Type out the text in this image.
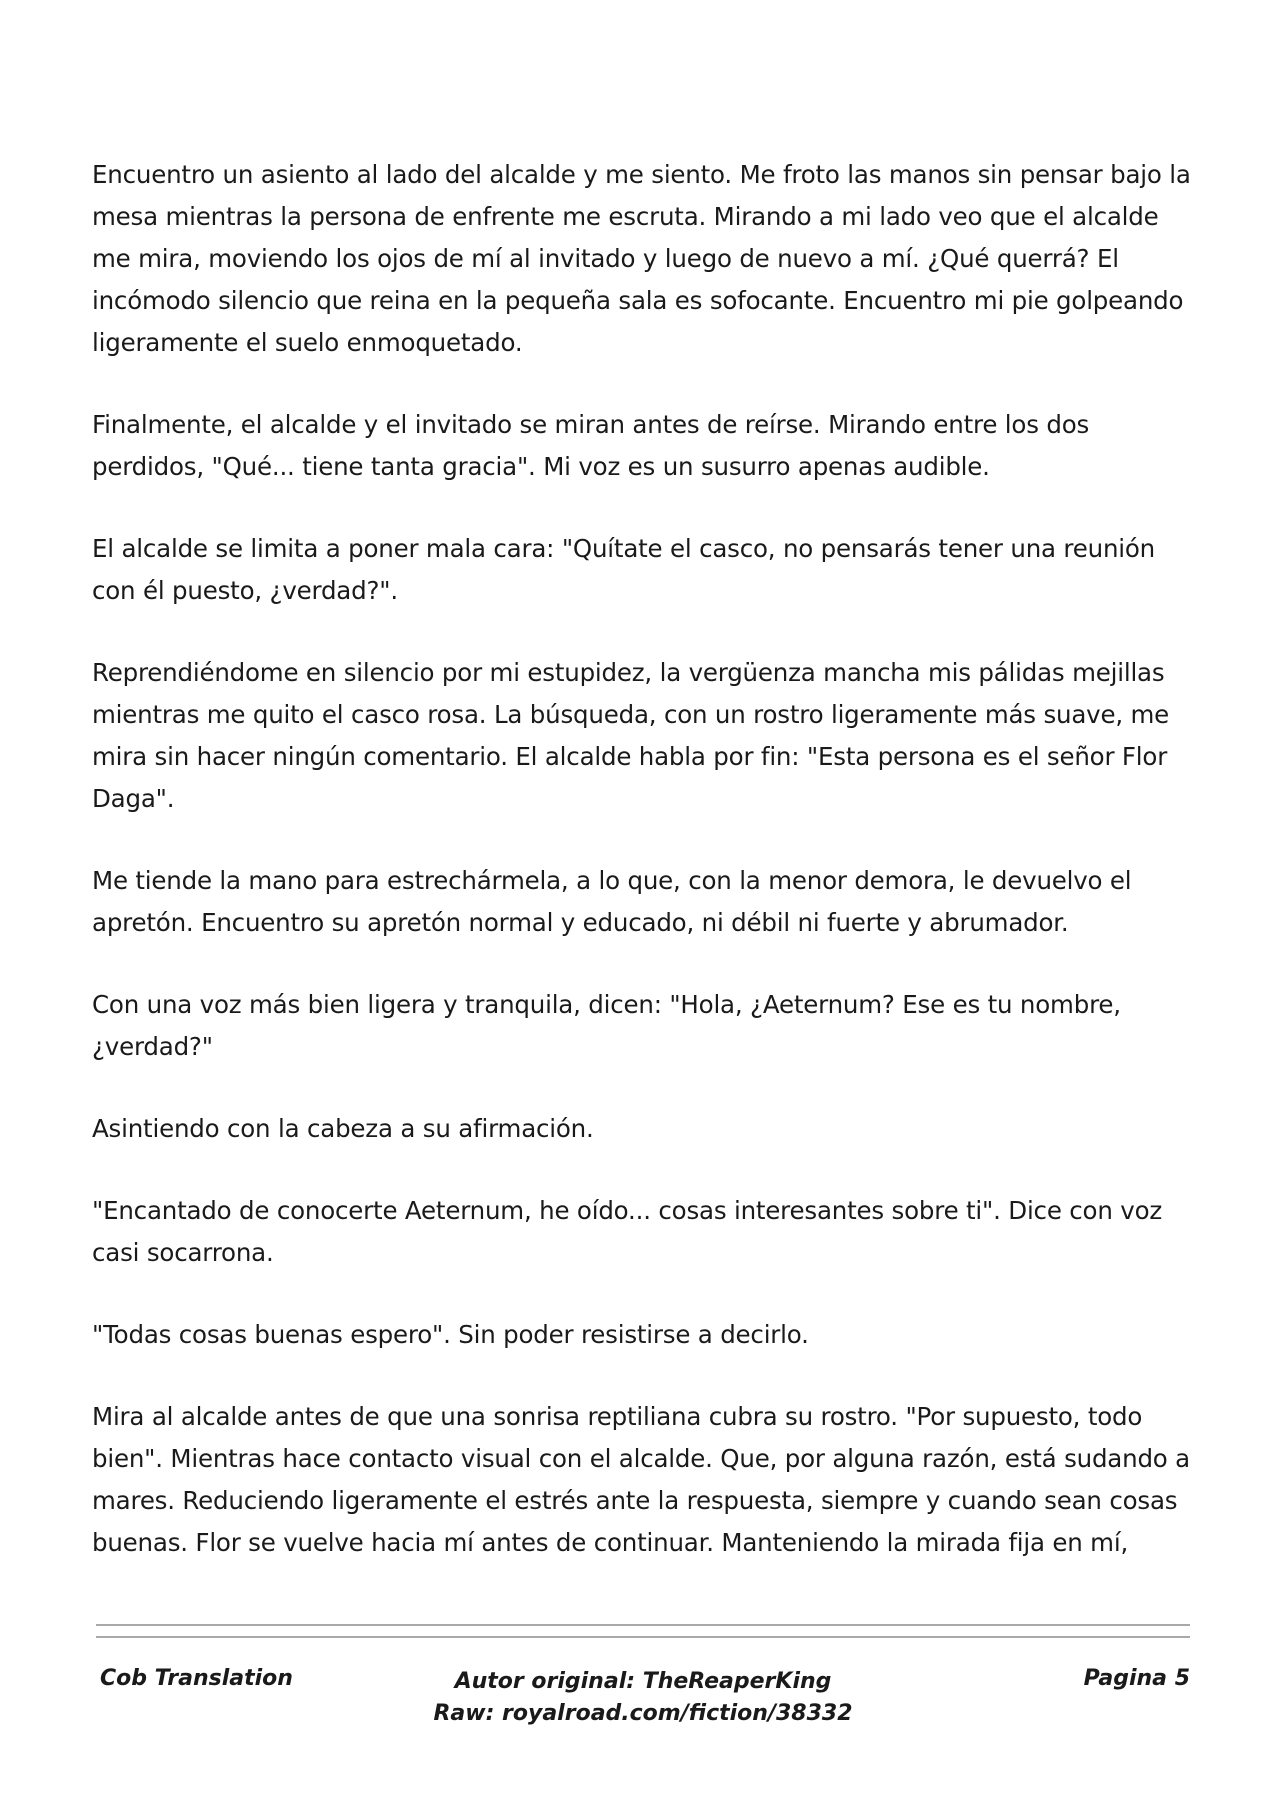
Encuentro un asiento al lado del alcalde y me siento. Me froto las manos sin pensar bajo la mesa mientras la persona de enfrente me escruta. Mirando a mi lado veo que el alcalde me mira, moviendo los ojos de mí al invitado y luego de nuevo a mí. ¿Qué querrá? El incómodo silencio que reina en la pequeña sala es sofocante. Encuentro mi pie golpeando ligeramente el suelo enmoquetado.

Finalmente, el alcalde y el invitado se miran antes de reírse. Mirando entre los dos perdidos, "Qué... tiene tanta gracia". Mi voz es un susurro apenas audible.

El alcalde se limita a poner mala cara: "Quítate el casco, no pensarás tener una reunión con él puesto, ¿verdad?".

Reprendiéndome en silencio por mi estupidez, la vergüenza mancha mis pálidas mejillas mientras me quito el casco rosa. La búsqueda, con un rostro ligeramente más suave, me mira sin hacer ningún comentario. El alcalde habla por fin: "Esta persona es el señor Flor Daga".

Me tiende la mano para estrechármela, a lo que, con la menor demora, le devuelvo el apretón. Encuentro su apretón normal y educado, ni débil ni fuerte y abrumador.

Con una voz más bien ligera y tranquila, dicen: "Hola, ¿Aeternum? Ese es tu nombre, ¿verdad?"

Asintiendo con la cabeza a su afirmación.

"Encantado de conocerte Aeternum, he oído... cosas interesantes sobre ti". Dice con voz casi socarrona.

"Todas cosas buenas espero". Sin poder resistirse a decirlo.

Mira al alcalde antes de que una sonrisa reptiliana cubra su rostro. "Por supuesto, todo bien". Mientras hace contacto visual con el alcalde. Que, por alguna razón, está sudando a mares. Reduciendo ligeramente el estrés ante la respuesta, siempre y cuando sean cosas buenas. Flor se vuelve hacia mí antes de continuar. Manteniendo la mirada fija en mí,

Cob Translation	Autor original: TheReaperKing
Raw: royalroad.com/fiction/38332
Pagina 5
